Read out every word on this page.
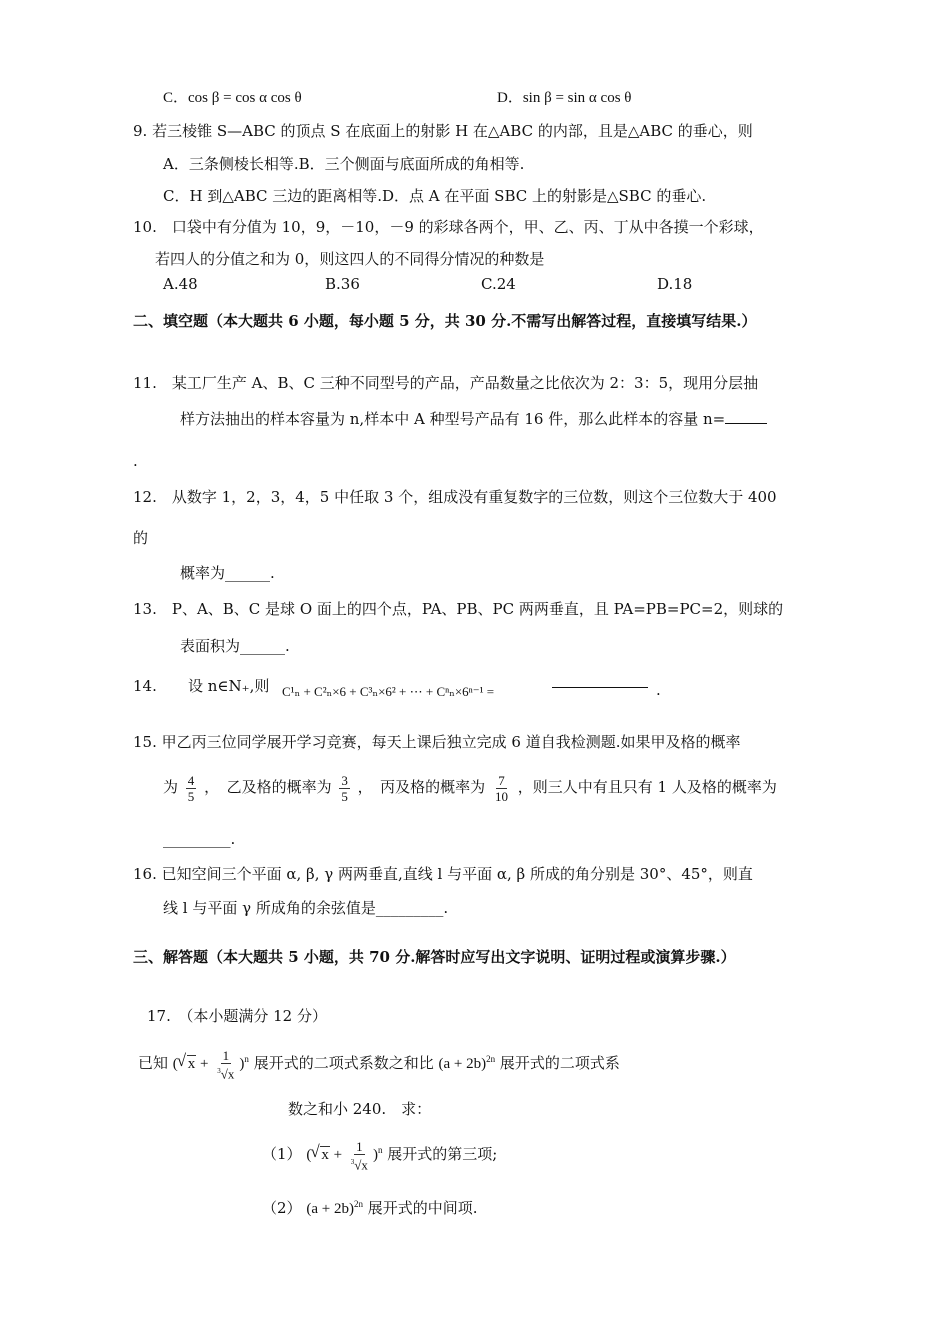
C．cos β = cos α cos θ	D．sin β = sin α cos θ
9. 若三棱锥 S—ABC 的顶点 S 在底面上的射影 H 在△ABC 的内部，且是△ABC 的垂心，则
A．三条侧棱长相等.B．三个侧面与底面所成的角相等.
C．H 到△ABC 三边的距离相等.D．点 A 在平面 SBC 上的射影是△SBC 的垂心.
10.　口袋中有分值为 10，9，－10，－9 的彩球各两个，甲、乙、丙、丁从中各摸一个彩球，
若四人的分值之和为 0，则这四人的不同得分情况的种数是
A.48	B.36	C.24	D.18
二、填空题（本大题共 6 小题，每小题 5 分，共 30 分.不需写出解答过程，直接填写结果.）
11.　某工厂生产 A、B、C 三种不同型号的产品，产品数量之比依次为 2：3：5，现用分层抽
样方法抽出的样本容量为 n,样本中 A 种型号产品有 16 件，那么此样本的容量 n=
.
12.　从数字 1，2，3，4，5 中任取 3 个，组成没有重复数字的三位数，则这个三位数大于 400
的
概率为______.
13.　P、A、B、C 是球 O 面上的四个点，PA、PB、PC 两两垂直，且 PA=PB=PC=2，则球的
表面积为______.
14. 设 n∈N₊,则 C¹ₙ + C²ₙ×6 + C³ₙ×6² + ⋯ + Cⁿₙ×6ⁿ⁻¹ =	.
15. 甲乙丙三位同学展开学习竞赛，每天上课后独立完成 6 道自我检测题.如果甲及格的概率
为 $\frac{4}{5}$ ，　乙及格的概率为 $\frac{3}{5}$ ，　丙及格的概率为 $\frac{7}{10}$ ，则三人中有且只有 1 人及格的概率为
_________.
16. 已知空间三个平面 α, β, γ 两两垂直,直线 l 与平面 α, β 所成的角分别是 30°、45°，则直
线 l 与平面 γ 所成角的余弦值是_________.
三、解答题（本大题共 5 小题，共 70 分.解答时应写出文字说明、证明过程或演算步骤.）
17.　（本小题满分 12 分）
已知 ( √ $x + \frac{1}{^3√x} )^n$ 展开式的二项式系数之和比 $(a + 2b)^{2n}$ 展开式的二项式系
数之和小 240.　求：
（1） ( √ $x + \frac{1}{^3√x} )^n$ 展开式的第三项;
（2） $(a + 2b)^{2n}$ 展开式的中间项.
